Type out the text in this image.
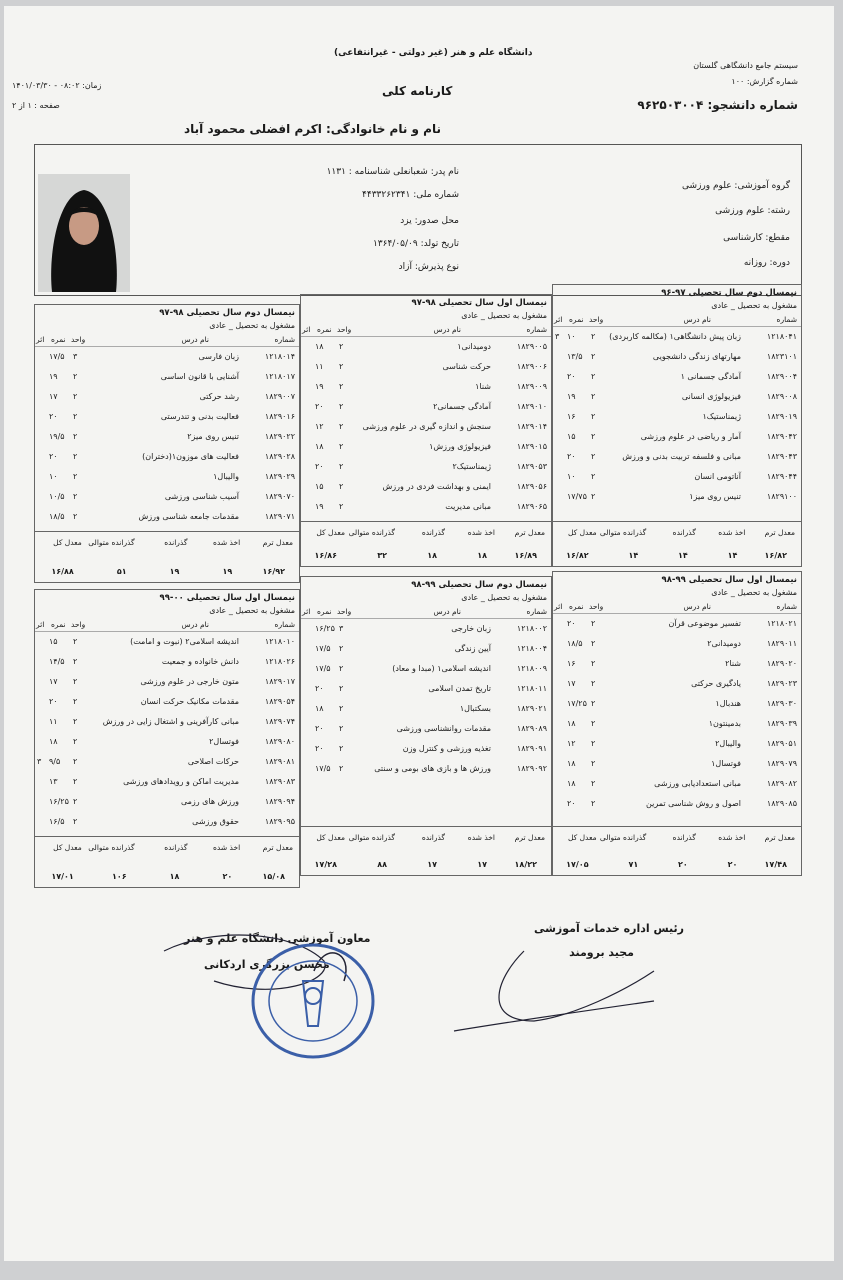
دانشگاه علم و هنر (غیر دولتی - غیرانتفاعی)
سیستم جامع دانشگاهی گلستان
شماره گزارش: ۱۰۰
زمان: ۰۸:۰۲ - ۱۴۰۱/۰۳/۳۰
صفحه : ۱ از ۲
کارنامه کلی
شماره دانشجو: ۹۶۲۵۰۳۰۰۴
نام و نام خانوادگی: اکرم افضلی محمود آباد
نام پدر: شعبانعلی شناسنامه : ۱۱۳۱
شماره ملی: ۴۴۳۳۲۶۲۳۴۱
محل صدور: یزد
تاریخ تولد: ۱۳۶۴/۰۵/۰۹
نوع پذیرش: آزاد
گروه آموزشی: علوم ورزشی
رشته: علوم ورزشی
مقطع: کارشناسی
دوره: روزانه
نیمسال دوم سال تحصیلی ۹۷-۹۶
مشغول به تحصیل _ عادی
شماره
نام درس
واحد
نمره
اثر
۱۲۱۸۰۴۱
زبان پیش دانشگاهی۱ (مکالمه کاربردی)
۲
۱۰
۳
۱۸۲۳۱۰۱
مهارتهای زندگی دانشجویی
۲
۱۳/۵
۱۸۲۹۰۰۴
آمادگی جسمانی ۱
۲
۲۰
۱۸۲۹۰۰۸
فیزیولوژی انسانی
۲
۱۹
۱۸۲۹۰۱۹
ژیمناستیک۱
۲
۱۶
۱۸۲۹۰۴۲
آمار و ریاضی در علوم ورزشی
۲
۱۵
۱۸۲۹۰۴۳
مبانی و فلسفه تربیت بدنی و ورزش
۲
۲۰
۱۸۲۹۰۴۴
آناتومی انسان
۲
۱۰
۱۸۲۹۱۰۰
تنیس روی میز۱
۲
۱۷/۷۵
معدل ترم
۱۶/۸۲
اخذ شده
۱۴
گذرانده
۱۴
گذرانده متوالی
۱۴
معدل کل
۱۶/۸۲
نیمسال اول سال تحصیلی ۹۸-۹۷
مشغول به تحصیل _ عادی
شماره
نام درس
واحد
نمره
اثر
۱۸۲۹۰۰۵
دومیدانی۱
۲
۱۸
۱۸۲۹۰۰۶
حرکت شناسی
۲
۱۱
۱۸۲۹۰۰۹
شنا۱
۲
۱۹
۱۸۲۹۰۱۰
آمادگی جسمانی۲
۲
۲۰
۱۸۲۹۰۱۴
سنجش و اندازه گیری در علوم ورزشی
۲
۱۲
۱۸۲۹۰۱۵
فیزیولوژی ورزش۱
۲
۱۸
۱۸۲۹۰۵۳
ژیمناستیک۲
۲
۲۰
۱۸۲۹۰۵۶
ایمنی و بهداشت فردی در ورزش
۲
۱۵
۱۸۲۹۰۶۵
مبانی مدیریت
۲
۱۹
معدل ترم
۱۶/۸۹
اخذ شده
۱۸
گذرانده
۱۸
گذرانده متوالی
۳۲
معدل کل
۱۶/۸۶
نیمسال دوم سال تحصیلی ۹۸-۹۷
مشغول به تحصیل _ عادی
شماره
نام درس
واحد
نمره
اثر
۱۲۱۸۰۱۴
زبان فارسی
۳
۱۷/۵
۱۲۱۸۰۱۷
آشنایی با قانون اساسی
۲
۱۹
۱۸۲۹۰۰۷
رشد حرکتی
۲
۱۷
۱۸۲۹۰۱۶
فعالیت بدنی و تندرستی
۲
۲۰
۱۸۲۹۰۲۲
تنیس روی میز۲
۲
۱۹/۵
۱۸۲۹۰۲۸
فعالیت های موزون۱(دختران)
۲
۲۰
۱۸۲۹۰۲۹
والیبال۱
۲
۱۰
۱۸۲۹۰۷۰
آسیب شناسی ورزشی
۲
۱۰/۵
۱۸۲۹۰۷۱
مقدمات جامعه شناسی ورزش
۲
۱۸/۵
معدل ترم
۱۶/۹۲
اخذ شده
۱۹
گذرانده
۱۹
گذرانده متوالی
۵۱
معدل کل
۱۶/۸۸
نیمسال اول سال تحصیلی ۹۹-۹۸
مشغول به تحصیل _ عادی
شماره
نام درس
واحد
نمره
اثر
۱۲۱۸۰۲۱
تفسیر موضوعی قرآن
۲
۲۰
۱۸۲۹۰۱۱
دومیدانی۲
۲
۱۸/۵
۱۸۲۹۰۲۰
شنا۲
۲
۱۶
۱۸۲۹۰۲۳
یادگیری حرکتی
۲
۱۷
۱۸۲۹۰۳۰
هندبال۱
۲
۱۷/۲۵
۱۸۲۹۰۳۹
بدمینتون۱
۲
۱۸
۱۸۲۹۰۵۱
والیبال۲
۲
۱۲
۱۸۲۹۰۷۹
فوتسال۱
۲
۱۸
۱۸۲۹۰۸۲
مبانی استعدادیابی ورزشی
۲
۱۸
۱۸۲۹۰۸۵
اصول و روش شناسی تمرین
۲
۲۰
معدل ترم
۱۷/۴۸
اخذ شده
۲۰
گذرانده
۲۰
گذرانده متوالی
۷۱
معدل کل
۱۷/۰۵
نیمسال دوم سال تحصیلی ۹۹-۹۸
مشغول به تحصیل _ عادی
شماره
نام درس
واحد
نمره
اثر
۱۲۱۸۰۰۲
زبان خارجی
۳
۱۶/۲۵
۱۲۱۸۰۰۴
آیین زندگی
۲
۱۷/۵
۱۲۱۸۰۰۹
اندیشه اسلامی۱ (مبدا و معاد)
۲
۱۷/۵
۱۲۱۸۰۱۱
تاریخ تمدن اسلامی
۲
۲۰
۱۸۲۹۰۲۱
بسکتبال۱
۲
۱۸
۱۸۲۹۰۸۹
مقدمات روانشناسی ورزشی
۲
۲۰
۱۸۲۹۰۹۱
تغذیه ورزشی و کنترل وزن
۲
۲۰
۱۸۲۹۰۹۲
ورزش ها و بازی های بومی و سنتی
۲
۱۷/۵
معدل ترم
۱۸/۲۲
اخذ شده
۱۷
گذرانده
۱۷
گذرانده متوالی
۸۸
معدل کل
۱۷/۲۸
نیمسال اول سال تحصیلی ۰۰-۹۹
مشغول به تحصیل _ عادی
شماره
نام درس
واحد
نمره
اثر
۱۲۱۸۰۱۰
اندیشه اسلامی۲ (نبوت و امامت)
۲
۱۵
۱۲۱۸۰۲۶
دانش خانواده و جمعیت
۲
۱۴/۵
۱۸۲۹۰۱۷
متون خارجی در علوم ورزشی
۲
۱۷
۱۸۲۹۰۵۴
مقدمات مکانیک حرکت انسان
۲
۲۰
۱۸۲۹۰۷۴
مبانی کارآفرینی و اشتغال زایی در ورزش
۲
۱۱
۱۸۲۹۰۸۰
فوتسال۲
۲
۱۸
۱۸۲۹۰۸۱
حرکات اصلاحی
۲
۹/۵
۳
۱۸۲۹۰۸۳
مدیریت اماکن و رویدادهای ورزشی
۲
۱۳
۱۸۲۹۰۹۴
ورزش های رزمی
۲
۱۶/۲۵
۱۸۲۹۰۹۵
حقوق ورزشی
۲
۱۶/۵
معدل ترم
۱۵/۰۸
اخذ شده
۲۰
گذرانده
۱۸
گذرانده متوالی
۱۰۶
معدل کل
۱۷/۰۱
رئیس اداره خدمات آموزشی
مجید برومند
معاون آموزشی دانشگاه علم و هنر
محسن بزرگری اردکانی
